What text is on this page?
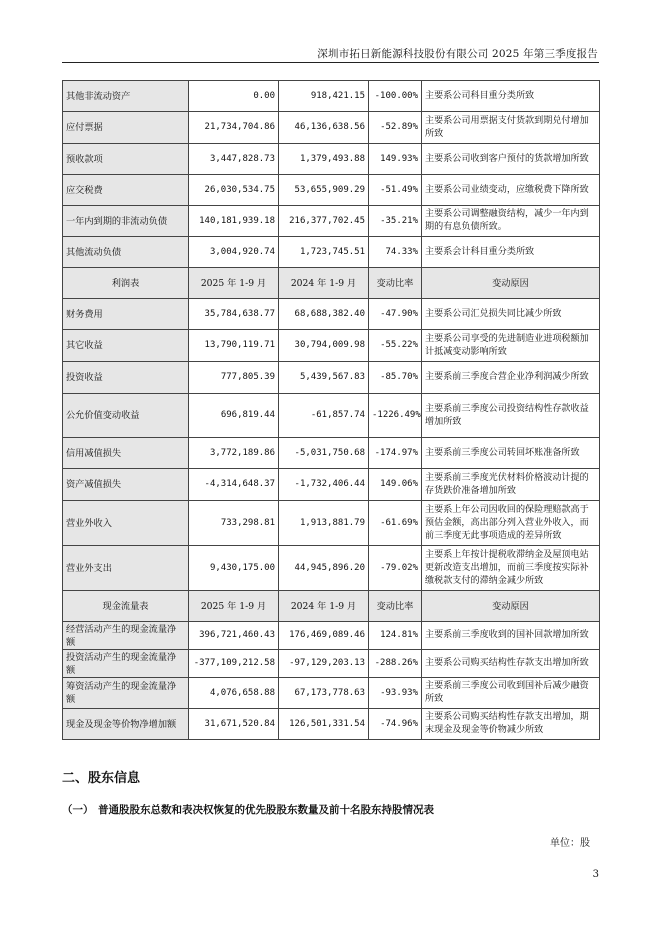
深圳市拓日新能源科技股份有限公司 2025 年第三季度报告
其他非流动资产	0.00	918,421.15	-100.00%	主要系公司科目重分类所致
应付票据	21,734,704.86	46,136,638.56	-52.89%	主要系公司用票据支付货款到期兑付增加所致
预收款项	3,447,828.73	1,379,493.88	149.93%	主要系公司收到客户预付的货款增加所致
应交税费	26,030,534.75	53,655,909.29	-51.49%	主要系公司业绩变动，应缴税费下降所致
一年内到期的非流动负债	140,181,939.18	216,377,702.45	-35.21%	主要系公司调整融资结构，减少一年内到期的有息负债所致。
其他流动负债	3,004,920.74	1,723,745.51	74.33%	主要系会计科目重分类所致
利润表	2025 年 1-9 月	2024 年 1-9 月	变动比率	变动原因
财务费用	35,784,638.77	68,688,382.40	-47.90%	主要系公司汇兑损失同比减少所致
其它收益	13,790,119.71	30,794,009.98	-55.22%	主要系公司享受的先进制造业进项税额加计抵减变动影响所致
投资收益	777,805.39	5,439,567.83	-85.70%	主要系前三季度合营企业净利润减少所致
公允价值变动收益	696,819.44	-61,857.74	-1226.49%	主要系前三季度公司投资结构性存款收益增加所致
信用减值损失	3,772,189.86	-5,031,750.68	-174.97%	主要系前三季度公司转回坏账准备所致
资产减值损失	-4,314,648.37	-1,732,406.44	149.06%	主要系前三季度光伏材料价格波动计提的存货跌价准备增加所致
营业外收入	733,298.81	1,913,881.79	-61.69%	主要系上年公司因收回的保险理赔款高于预估金额，高出部分列入营业外收入，而前三季度无此事项造成的差异所致
营业外支出	9,430,175.00	44,945,896.20	-79.02%	主要系上年按计提税收滞纳金及屋顶电站更新改造支出增加，而前三季度按实际补缴税款支付的滞纳金减少所致
现金流量表	2025 年 1-9 月	2024 年 1-9 月	变动比率	变动原因
经营活动产生的现金流量净额	396,721,460.43	176,469,089.46	124.81%	主要系前三季度收到的国补回款增加所致
投资活动产生的现金流量净额	-377,109,212.58	-97,129,203.13	-288.26%	主要系公司购买结构性存款支出增加所致
筹资活动产生的现金流量净额	4,076,658.88	67,173,778.63	-93.93%	主要系前三季度公司收到国补后减少融资所致
现金及现金等价物净增加额	31,671,520.84	126,501,331.54	-74.96%	主要系公司购买结构性存款支出增加，期末现金及现金等价物减少所致
二、股东信息
（一） 普通股股东总数和表决权恢复的优先股股东数量及前十名股东持股情况表
单位：股
3
